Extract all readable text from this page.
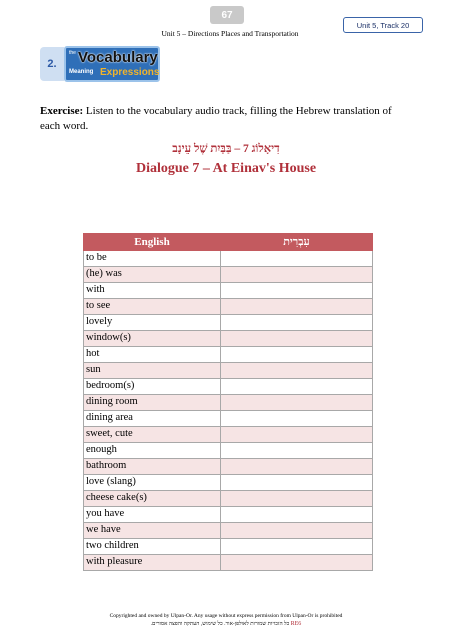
67
Unit 5 – Directions Places and Transportation
Unit 5, Track 20
2.
the Vocabulary
Meaning Expressions
Exercise: Listen to the vocabulary audio track, filling the Hebrew translation of each word.
דִיאָלוֹג 7 – בַּבַּיִת שֶׁל עֵינָב
Dialogue 7 – At Einav's House
English	עִבְרִית
to be	
(he) was	
with	
to see	
lovely	
window(s)	
hot	
sun	
bedroom(s)	
dining room	
dining area	
sweet, cute	
enough	
bathroom	
love (slang)	
cheese cake(s)	
you have	
we have	
two children	
with pleasure	
Copyrighted and owned by Ulpan-Or. Any usage without express permission from Ulpan-Or is prohibited
RE6 כל הזכויות שמורות לאולפן-אור. כל שימוש, העתקה והפצה אסורים.
